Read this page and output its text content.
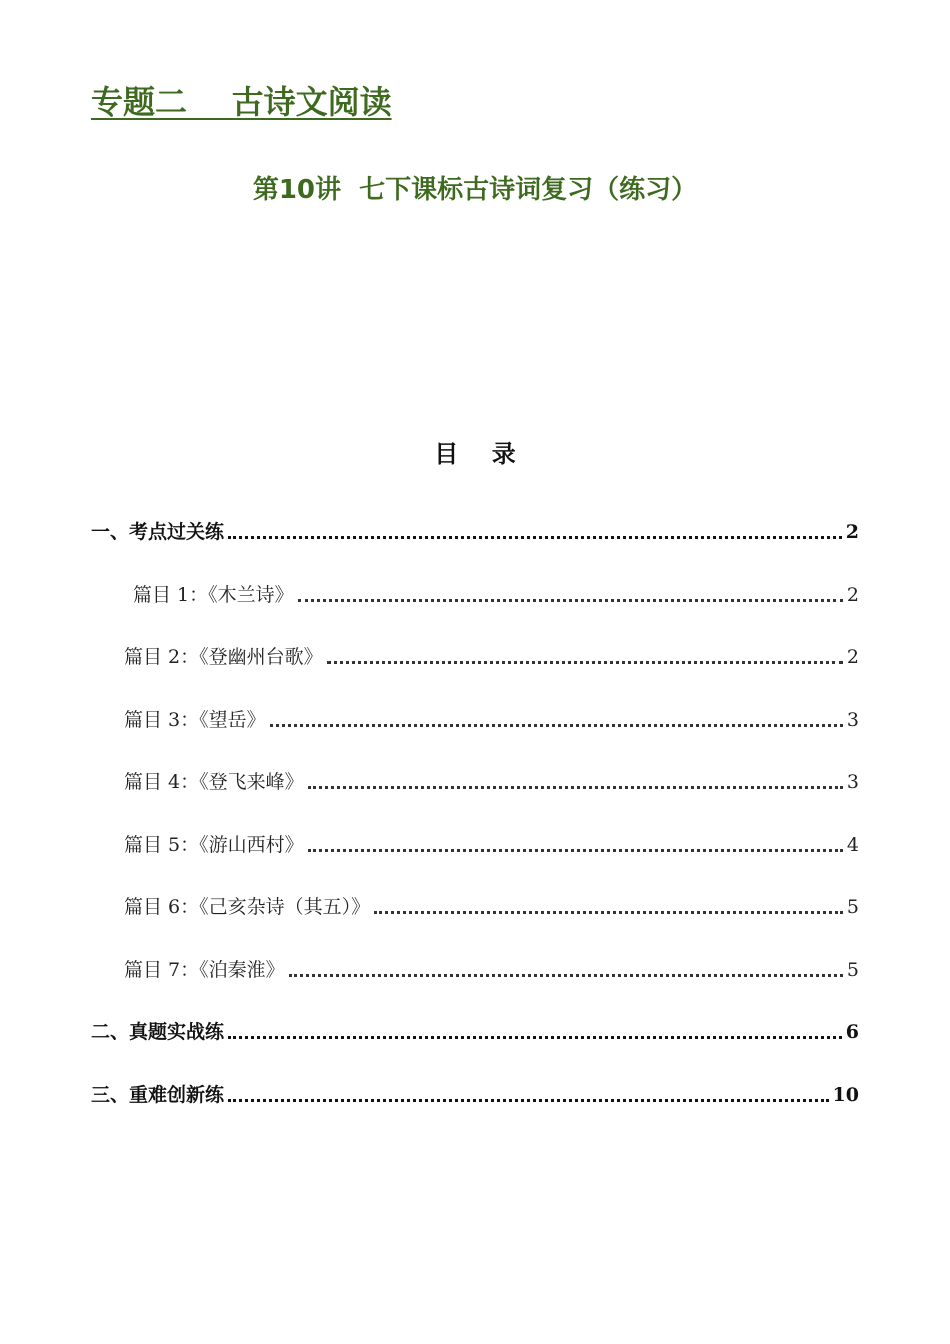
专题二    古诗文阅读
第10讲  七下课标古诗词复习（练习）
目    录
一、考点过关练	2
篇目 1：《木兰诗》	2
篇目 2：《登幽州台歌》	2
篇目 3：《望岳》	3
篇目 4：《登飞来峰》	3
篇目 5：《游山西村》	4
篇目 6：《己亥杂诗（其五）》	5
篇目 7：《泊秦淮》	5
二、真题实战练	6
三、重难创新练	10
